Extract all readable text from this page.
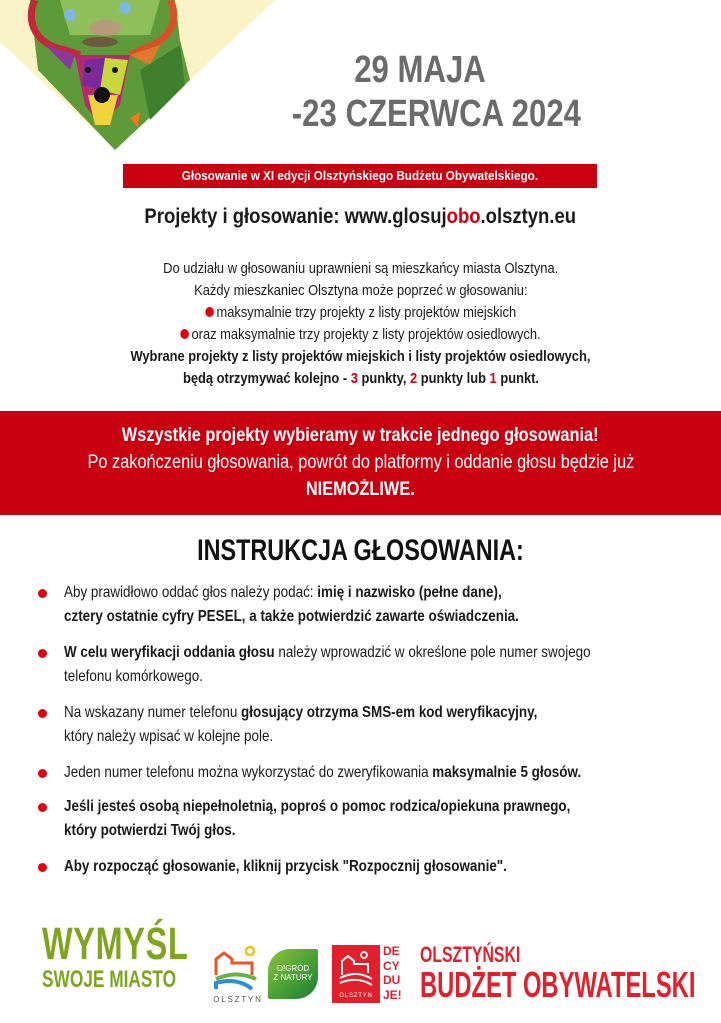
29 MAJA
-23 CZERWCA 2024
Głosowanie w XI edycji Olsztyńskiego Budżetu Obywatelskiego.
Projekty i głosowanie: www.glosujobo.olsztyn.eu
Do udziału w głosowaniu uprawnieni są mieszkańcy miasta Olsztyna.
Każdy mieszkaniec Olsztyna może poprzeć w głosowaniu:
maksymalnie trzy projekty z listy projektów miejskich
oraz maksymalnie trzy projekty z listy projektów osiedlowych.
Wybrane projekty z listy projektów miejskich i listy projektów osiedlowych,
będą otrzymywać kolejno - 3 punkty, 2 punkty lub 1 punkt.
Wszystkie projekty wybieramy w trakcie jednego głosowania!
Po zakończeniu głosowania, powrót do platformy i oddanie głosu będzie już
NIEMOŻLIWE.
INSTRUKCJA GŁOSOWANIA:
Aby prawidłowo oddać głos należy podać: imię i nazwisko (pełne dane),
cztery ostatnie cyfry PESEL, a także potwierdzić zawarte oświadczenia.
W celu weryfikacji oddania głosu należy wprowadzić w określone pole numer swojego
telefonu komórkowego.
Na wskazany numer telefonu głosujący otrzyma SMS-em kod weryfikacyjny,
który należy wpisać w kolejne pole.
Jeden numer telefonu można wykorzystać do zweryfikowania maksymalnie 5 głosów.
Jeśli jesteś osobą niepełnoletnią, poproś o pomoc rodzica/opiekuna prawnego,
który potwierdzi Twój głos.
Aby rozpocząć głosowanie, kliknij przycisk "Rozpocznij głosowanie".
WYMYŚL
SWOJE MIASTO
OLSZTYN
O!GRÓD
Z NATURY
OLSZTYN
DE
CY
DU
JE!
OLSZTYŃSKI
BUDŻET OBYWATELSKI
